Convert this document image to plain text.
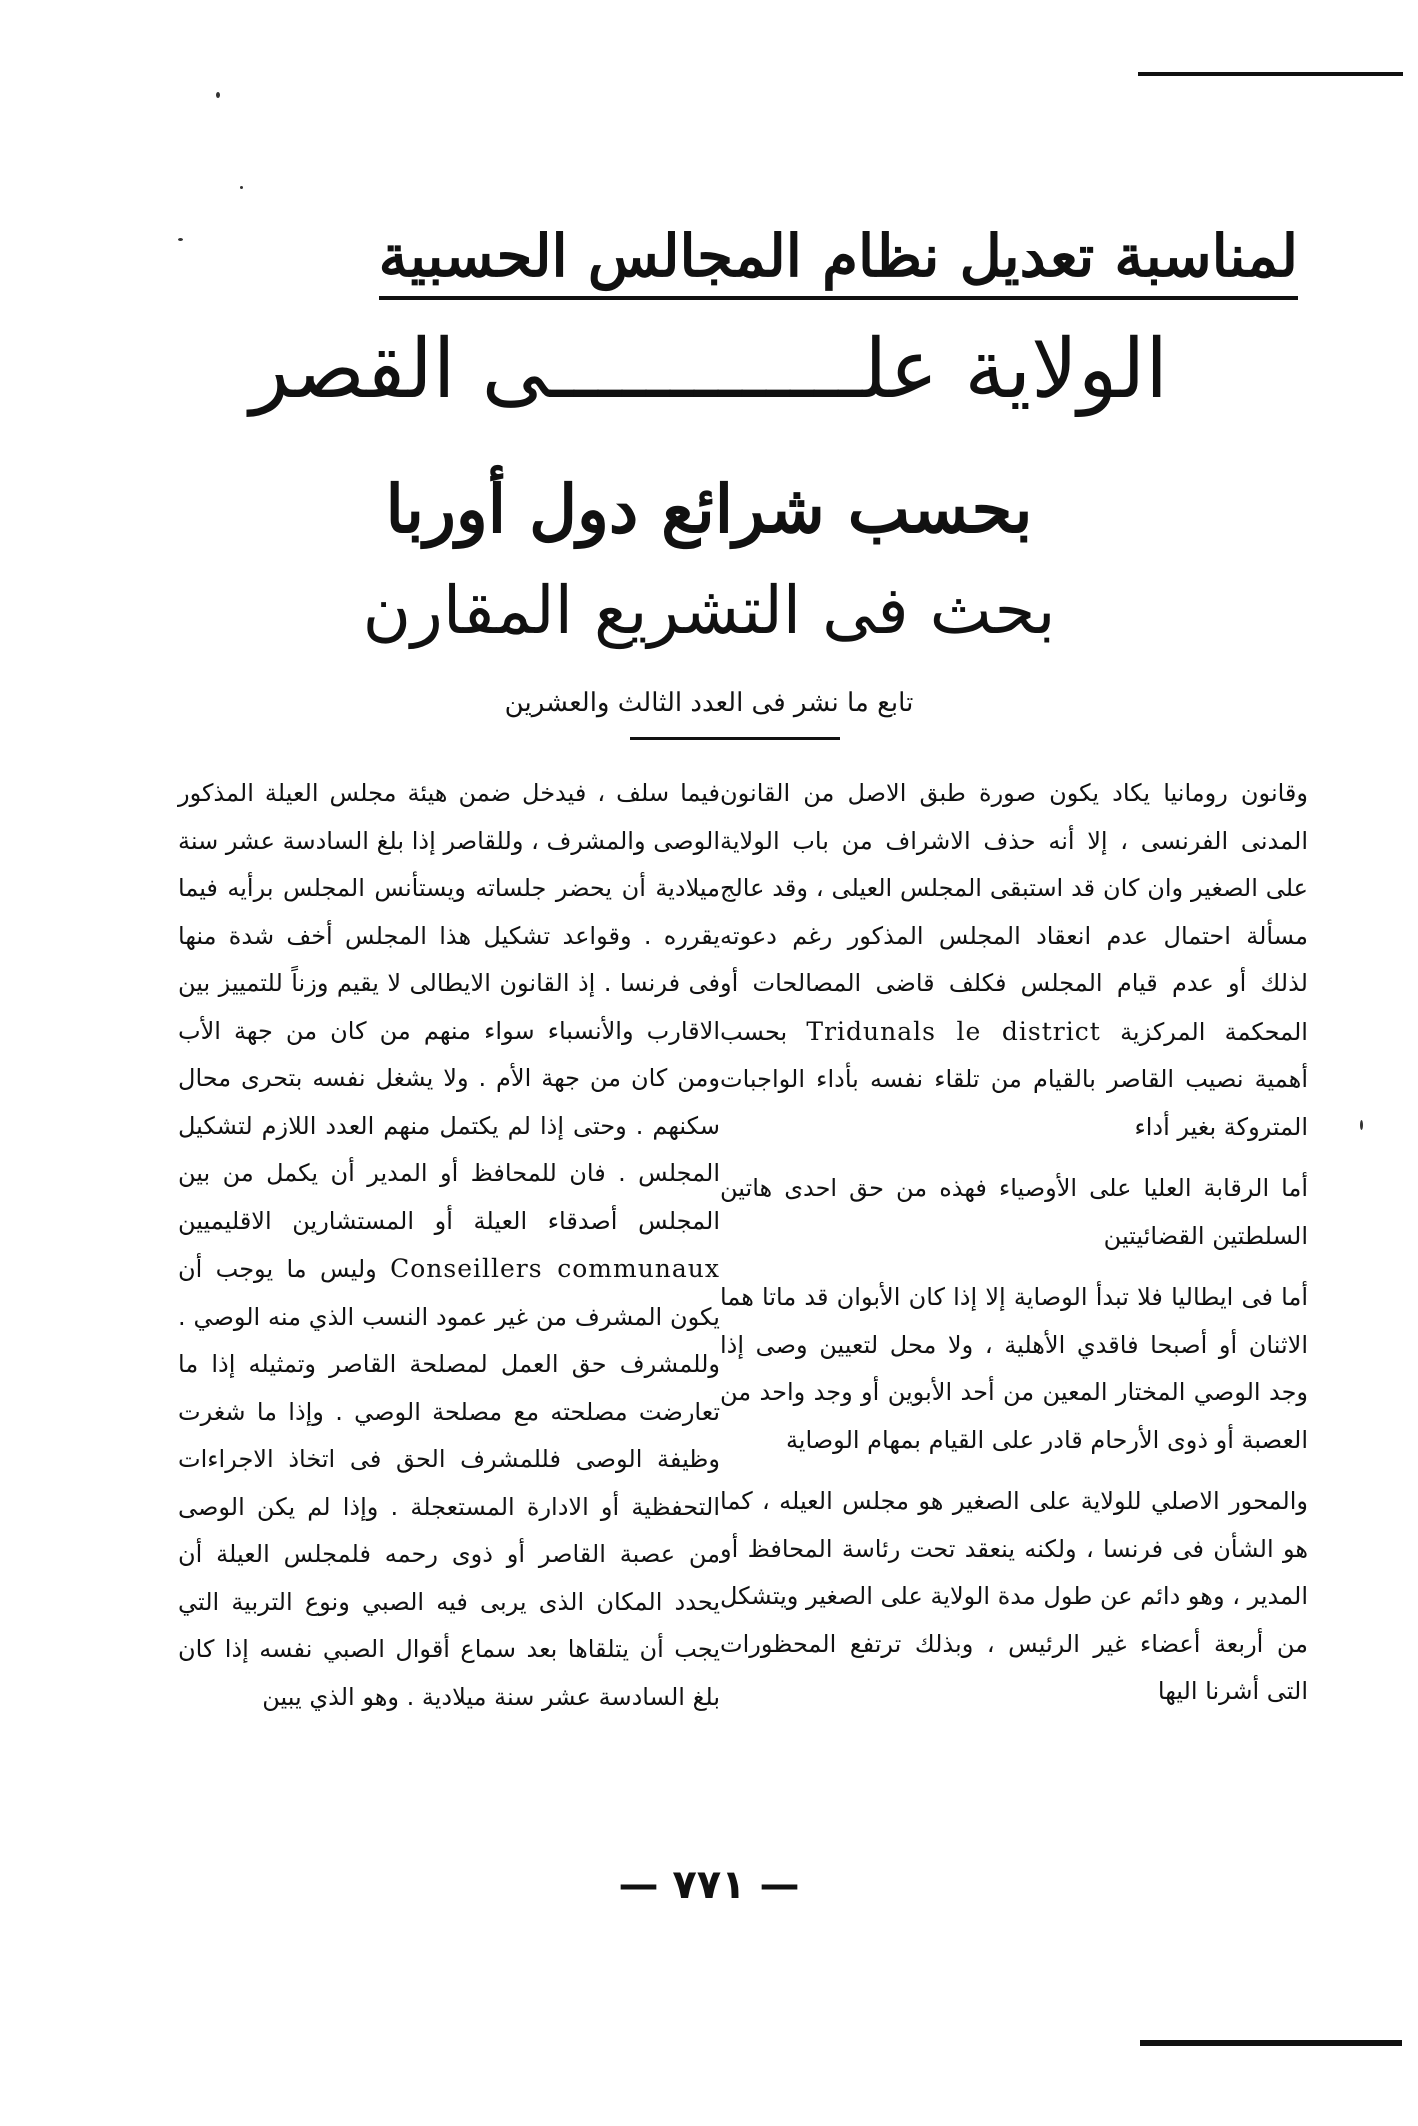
لمناسبة تعديل نظام المجالس الحسبية
الولاية علـــــــــــــى القصر
بحسب شرائع دول أوربا
بحث فى التشريع المقارن
تابع ما نشر فى العدد الثالث والعشرين

وقانون رومانيا يكاد يكون صورة طبق الاصل من القانون المدنى الفرنسى ، إلا أنه حذف الاشراف من باب الولاية على الصغير وان كان قد استبقى المجلس العيلى ، وقد عالج مسألة احتمال عدم انعقاد المجلس المذكور رغم دعوته لذلك أو عدم قيام المجلس فكلف قاضى المصالحات أو المحكمة المركزية Tridunals le district بحسب أهمية نصيب القاصر بالقيام من تلقاء نفسه بأداء الواجبات المتروكة بغير أداء

أما الرقابة العليا على الأوصياء فهذه من حق احدى هاتين السلطتين القضائيتين

أما فى ايطاليا فلا تبدأ الوصاية إلا إذا كان الأبوان قد ماتا هما الاثنان أو أصبحا فاقدي الأهلية ، ولا محل لتعيين وصى إذا وجد الوصي المختار المعين من أحد الأبوين أو وجد واحد من العصبة أو ذوى الأرحام قادر على القيام بمهام الوصاية

والمحور الاصلي للولاية على الصغير هو مجلس العيله ، كما هو الشأن فى فرنسا ، ولكنه ينعقد تحت رئاسة المحافظ أو المدير ، وهو دائم عن طول مدة الولاية على الصغير ويتشكل من أربعة أعضاء غير الرئيس ، وبذلك ترتفع المحظورات التى أشرنا اليها

فيما سلف ، فيدخل ضمن هيئة مجلس العيلة المذكور الوصى والمشرف ، وللقاصر إذا بلغ السادسة عشر سنة ميلادية أن يحضر جلساته ويستأنس المجلس برأيه فيما يقرره . وقواعد تشكيل هذا المجلس أخف شدة منها فى فرنسا . إذ القانون الايطالى لا يقيم وزناً للتمييز بين الاقارب والأنسباء سواء منهم من كان من جهة الأب ومن كان من جهة الأم . ولا يشغل نفسه بتحرى محال سكنهم . وحتى إذا لم يكتمل منهم العدد اللازم لتشكيل المجلس . فان للمحافظ أو المدير أن يكمل من بين المجلس أصدقاء العيلة أو المستشارين الاقليميين Conseillers communaux وليس ما يوجب أن يكون المشرف من غير عمود النسب الذي منه الوصي . وللمشرف حق العمل لمصلحة القاصر وتمثيله إذا ما تعارضت مصلحته مع مصلحة الوصي . وإذا ما شغرت وظيفة الوصى فللمشرف الحق فى اتخاذ الاجراءات التحفظية أو الادارة المستعجلة . وإذا لم يكن الوصى من عصبة القاصر أو ذوى رحمه فلمجلس العيلة أن يحدد المكان الذى يربى فيه الصبي ونوع التربية التي يجب أن يتلقاها بعد سماع أقوال الصبي نفسه إذا كان بلغ السادسة عشر سنة ميلادية . وهو الذي يبين

— ٧٧١ —
